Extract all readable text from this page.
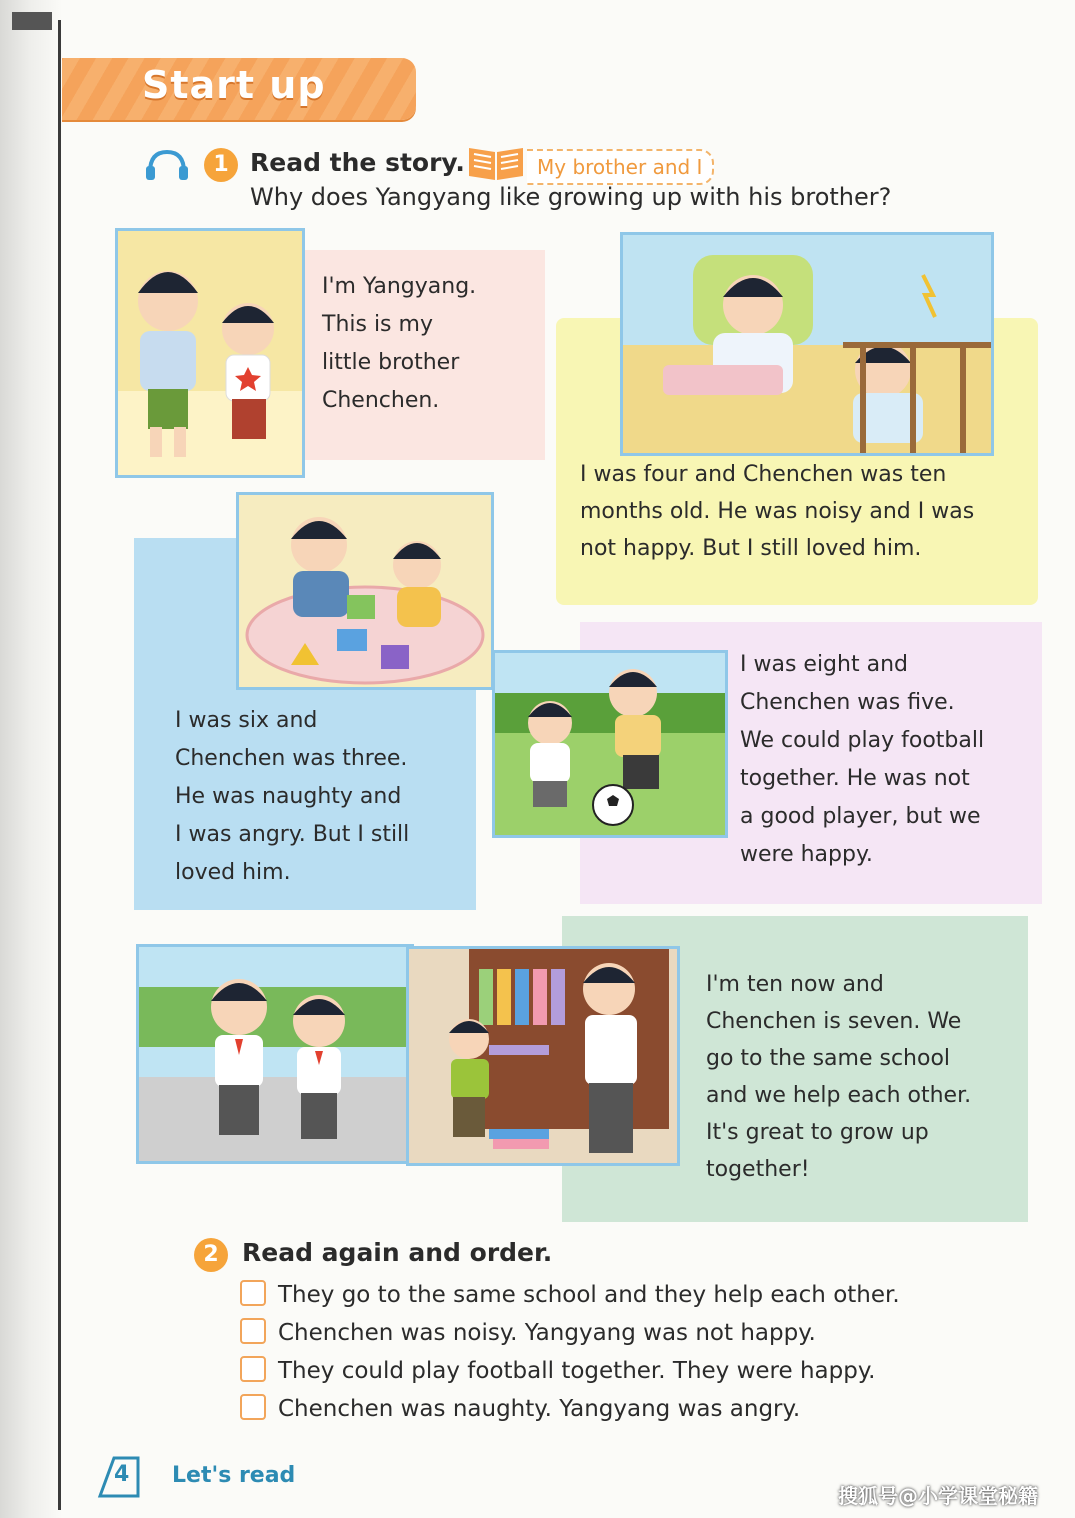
Start up
1 Read the story.	My brother and I
Why does Yangyang like growing up with his brother?
I'm Yangyang.
This is my
little brother
Chenchen.
I was four and Chenchen was ten
months old. He was noisy and I was
not happy. But I still loved him.
I was six and
Chenchen was three.
He was naughty and
I was angry. But I still
loved him.
I was eight and
Chenchen was five.
We could play football
together. He was not
a good player, but we
were happy.
I'm ten now and
Chenchen is seven. We
go to the same school
and we help each other.
It's great to grow up
together!
2 Read again and order.
They go to the same school and they help each other.
Chenchen was noisy. Yangyang was not happy.
They could play football together. They were happy.
Chenchen was naughty. Yangyang was angry.
4 Let's read
搜狐号@小学课堂秘籍
